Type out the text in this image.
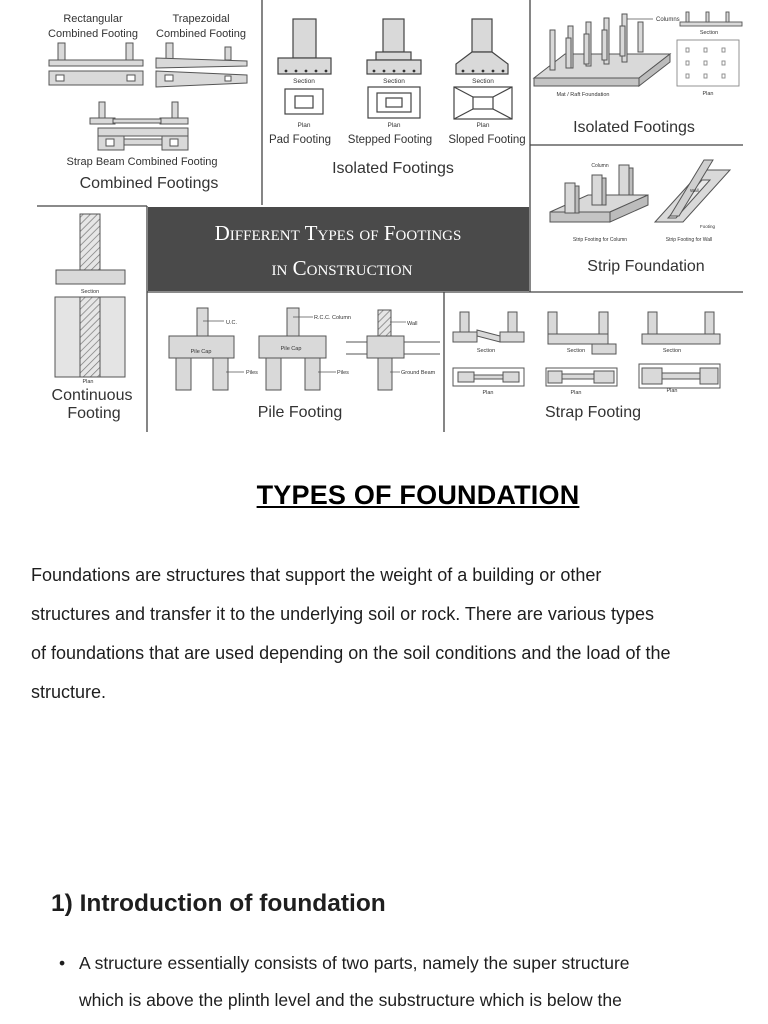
Rectangular
Combined Footing
Trapezoidal
Combined Footing
Strap Beam Combined Footing
Combined Footings
Section	Section	Section
Plan	Plan	Plan
Pad Footing Stepped Footing Sloped Footing
Isolated Footings
Columns
Mat / Raft Foundation
Section
Plan
Isolated Footings
Column
Wall
Footing
Strip Footing for Column	Strip Footing for Wall
Strip Foundation
Section
Plan
Continuous
Footing
Different Types of Footings
in Construction
U.C.
R.C.C. Column
Wall
Pile Cap	Pile Cap
Piles	Piles	Ground Beam
Pile Footing
Section	Section	Section
Plan	Plan	Plan
Strap Footing
TYPES OF FOUNDATION

Foundations are structures that support the weight of a building or other
structures and transfer it to the underlying soil or rock. There are various types
of foundations that are used depending on the soil conditions and the load of the
structure.

1) Introduction of foundation
• A structure essentially consists of two parts, namely the super structure
which is above the plinth level and the substructure which is below the
